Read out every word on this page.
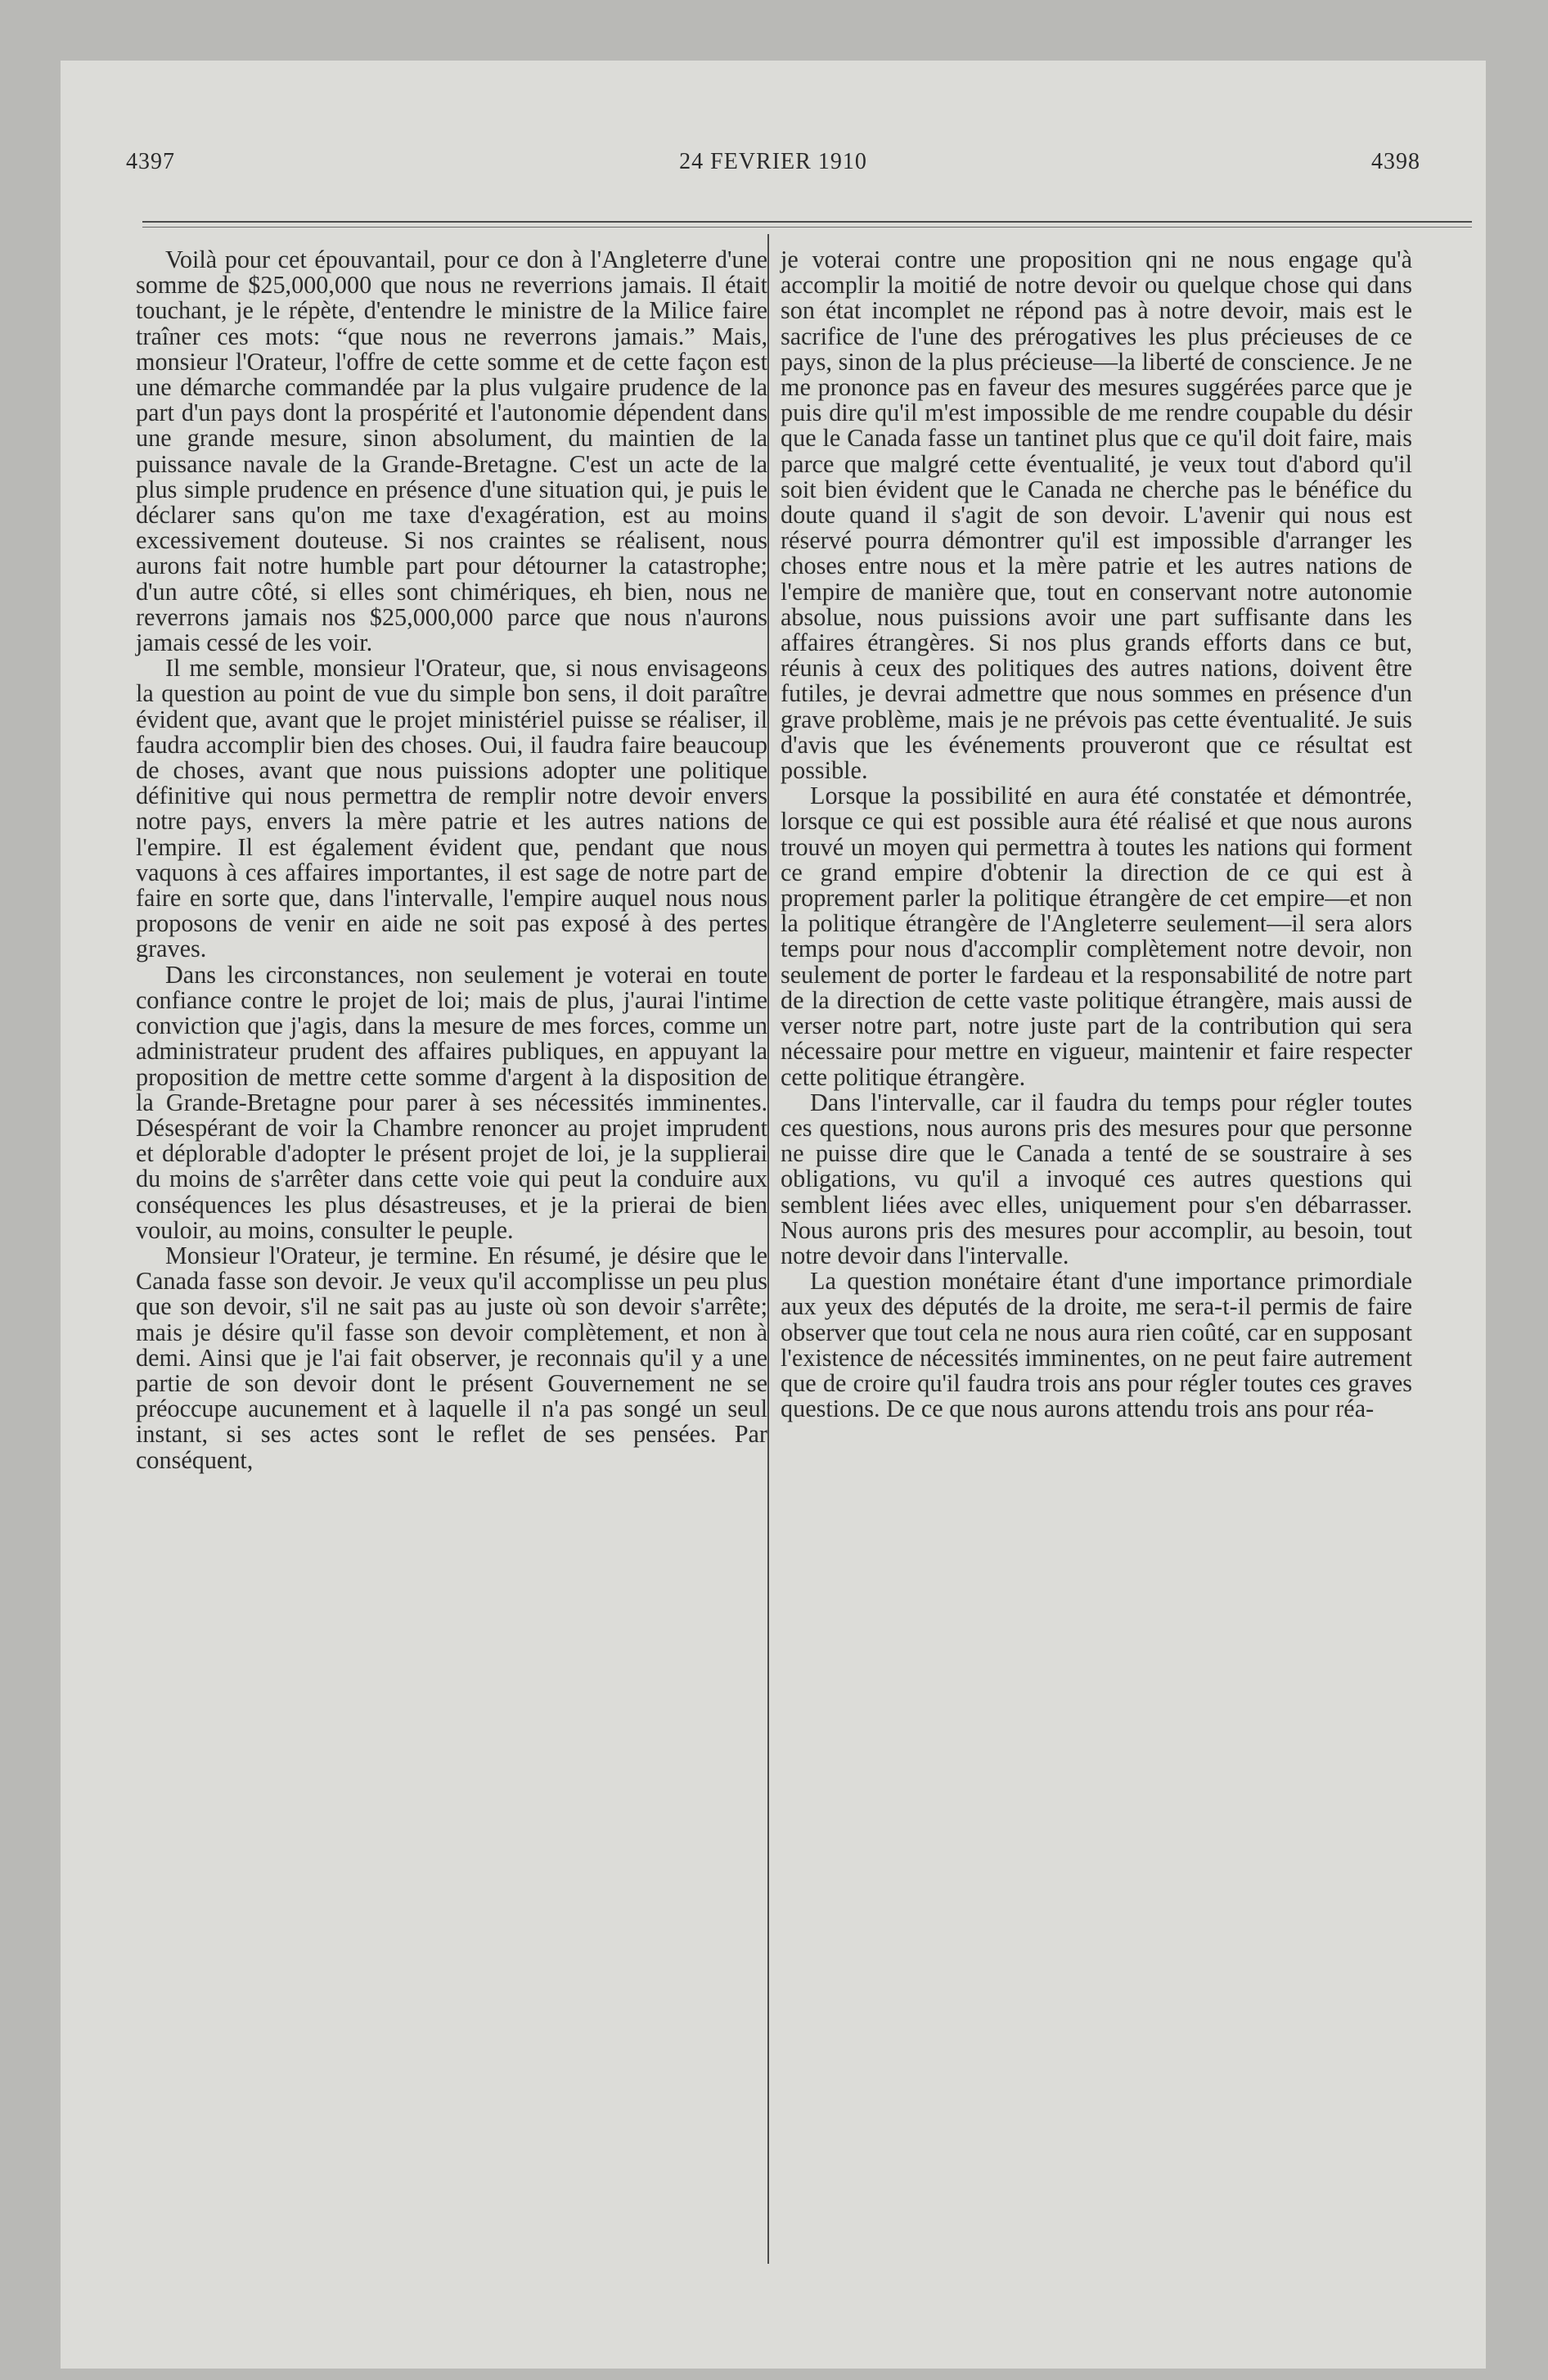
4397	24 FEVRIER 1910	4398

Voilà pour cet épouvantail, pour ce don à l'Angleterre d'une somme de $25,000,000 que nous ne reverrions jamais. Il était touchant, je le répète, d'entendre le ministre de la Milice faire traîner ces mots: “que nous ne reverrons jamais.” Mais, monsieur l'Orateur, l'offre de cette somme et de cette façon est une démarche commandée par la plus vulgaire prudence de la part d'un pays dont la prospérité et l'autonomie dépendent dans une grande mesure, sinon absolument, du maintien de la puissance navale de la Grande-Bretagne. C'est un acte de la plus simple prudence en présence d'une situation qui, je puis le déclarer sans qu'on me taxe d'exagération, est au moins excessivement douteuse. Si nos craintes se réalisent, nous aurons fait notre humble part pour détourner la catastrophe; d'un autre côté, si elles sont chimériques, eh bien, nous ne reverrons jamais nos $25,000,000 parce que nous n'aurons jamais cessé de les voir.

Il me semble, monsieur l'Orateur, que, si nous envisageons la question au point de vue du simple bon sens, il doit paraître évident que, avant que le projet ministériel puisse se réaliser, il faudra accomplir bien des choses. Oui, il faudra faire beaucoup de choses, avant que nous puissions adopter une politique définitive qui nous permettra de remplir notre devoir envers notre pays, envers la mère patrie et les autres nations de l'empire. Il est également évident que, pendant que nous vaquons à ces affaires importantes, il est sage de notre part de faire en sorte que, dans l'intervalle, l'empire auquel nous nous proposons de venir en aide ne soit pas exposé à des pertes graves.

Dans les circonstances, non seulement je voterai en toute confiance contre le projet de loi; mais de plus, j'aurai l'intime conviction que j'agis, dans la mesure de mes forces, comme un administrateur prudent des affaires publiques, en appuyant la proposition de mettre cette somme d'argent à la disposition de la Grande-Bretagne pour parer à ses nécessités imminentes. Désespérant de voir la Chambre renoncer au projet imprudent et déplorable d'adopter le présent projet de loi, je la supplierai du moins de s'arrêter dans cette voie qui peut la conduire aux conséquences les plus désastreuses, et je la prierai de bien vouloir, au moins, consulter le peuple.

Monsieur l'Orateur, je termine. En résumé, je désire que le Canada fasse son devoir. Je veux qu'il accomplisse un peu plus que son devoir, s'il ne sait pas au juste où son devoir s'arrête; mais je désire qu'il fasse son devoir complètement, et non à demi. Ainsi que je l'ai fait observer, je reconnais qu'il y a une partie de son devoir dont le présent Gouvernement ne se préoccupe aucunement et à laquelle il n'a pas songé un seul instant, si ses actes sont le reflet de ses pensées. Par conséquent,

je voterai contre une proposition qni ne nous engage qu'à accomplir la moitié de notre devoir ou quelque chose qui dans son état incomplet ne répond pas à notre devoir, mais est le sacrifice de l'une des prérogatives les plus précieuses de ce pays, sinon de la plus précieuse—la liberté de conscience. Je ne me prononce pas en faveur des mesures suggérées parce que je puis dire qu'il m'est impossible de me rendre coupable du désir que le Canada fasse un tantinet plus que ce qu'il doit faire, mais parce que malgré cette éventualité, je veux tout d'abord qu'il soit bien évident que le Canada ne cherche pas le bénéfice du doute quand il s'agit de son devoir. L'avenir qui nous est réservé pourra démontrer qu'il est impossible d'arranger les choses entre nous et la mère patrie et les autres nations de l'empire de manière que, tout en conservant notre autonomie absolue, nous puissions avoir une part suffisante dans les affaires étrangères. Si nos plus grands efforts dans ce but, réunis à ceux des politiques des autres nations, doivent être futiles, je devrai admettre que nous sommes en présence d'un grave problème, mais je ne prévois pas cette éventualité. Je suis d'avis que les événements prouveront que ce résultat est possible.

Lorsque la possibilité en aura été constatée et démontrée, lorsque ce qui est possible aura été réalisé et que nous aurons trouvé un moyen qui permettra à toutes les nations qui forment ce grand empire d'obtenir la direction de ce qui est à proprement parler la politique étrangère de cet empire—et non la politique étrangère de l'Angleterre seulement—il sera alors temps pour nous d'accomplir complètement notre devoir, non seulement de porter le fardeau et la responsabilité de notre part de la direction de cette vaste politique étrangère, mais aussi de verser notre part, notre juste part de la contribution qui sera nécessaire pour mettre en vigueur, maintenir et faire respecter cette politique étrangère.

Dans l'intervalle, car il faudra du temps pour régler toutes ces questions, nous aurons pris des mesures pour que personne ne puisse dire que le Canada a tenté de se soustraire à ses obligations, vu qu'il a invoqué ces autres questions qui semblent liées avec elles, uniquement pour s'en débarrasser. Nous aurons pris des mesures pour accomplir, au besoin, tout notre devoir dans l'intervalle.

La question monétaire étant d'une importance primordiale aux yeux des députés de la droite, me sera-t-il permis de faire observer que tout cela ne nous aura rien coûté, car en supposant l'existence de nécessités imminentes, on ne peut faire autrement que de croire qu'il faudra trois ans pour régler toutes ces graves questions. De ce que nous aurons attendu trois ans pour réa-
